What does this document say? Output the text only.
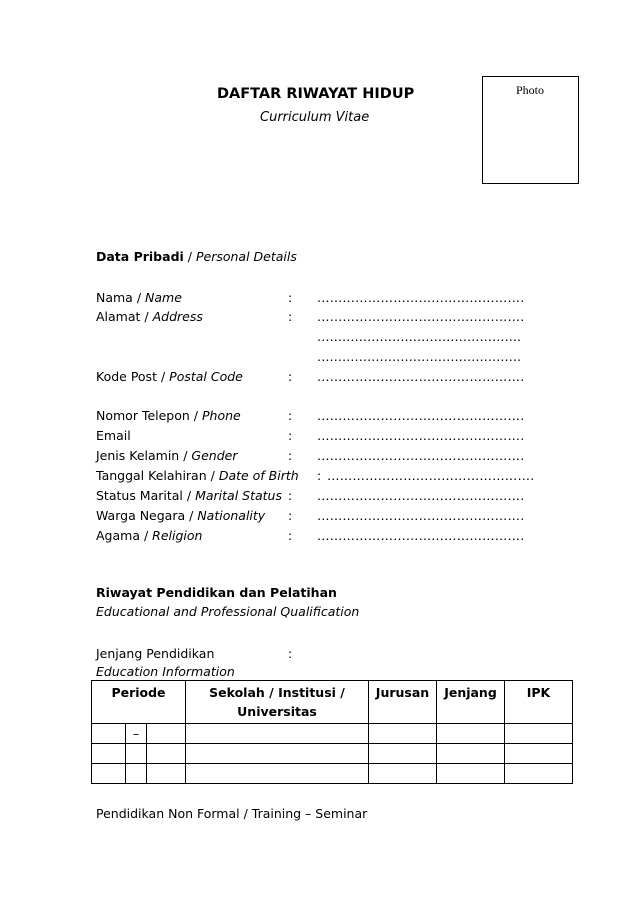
DAFTAR RIWAYAT HIDUP
Curriculum Vitae
Photo
Data Pribadi / Personal Details
Nama / Name	: ………………………………………….
Alamat / Address	: ………………………………………….
………………………………………….
………………………………………….
Kode Post / Postal Code	: ………………………………………….
Nomor Telepon / Phone	: ………………………………………….
Email	: ………………………………………….
Jenis Kelamin / Gender	: ………………………………………….
Tanggal Kelahiran / Date of Birth : ………………………………………….
Status Marital / Marital Status : ………………………………………….
Warga Negara / Nationality : ………………………………………….
Agama / Religion	: ………………………………………….
Riwayat Pendidikan dan Pelatihan
Educational and Professional Qualification
Jenjang Pendidikan	:
Education Information
Periode			Sekolah / Institusi / Universitas	Jurusan	Jenjang	IPK
	–					

Pendidikan Non Formal / Training – Seminar
